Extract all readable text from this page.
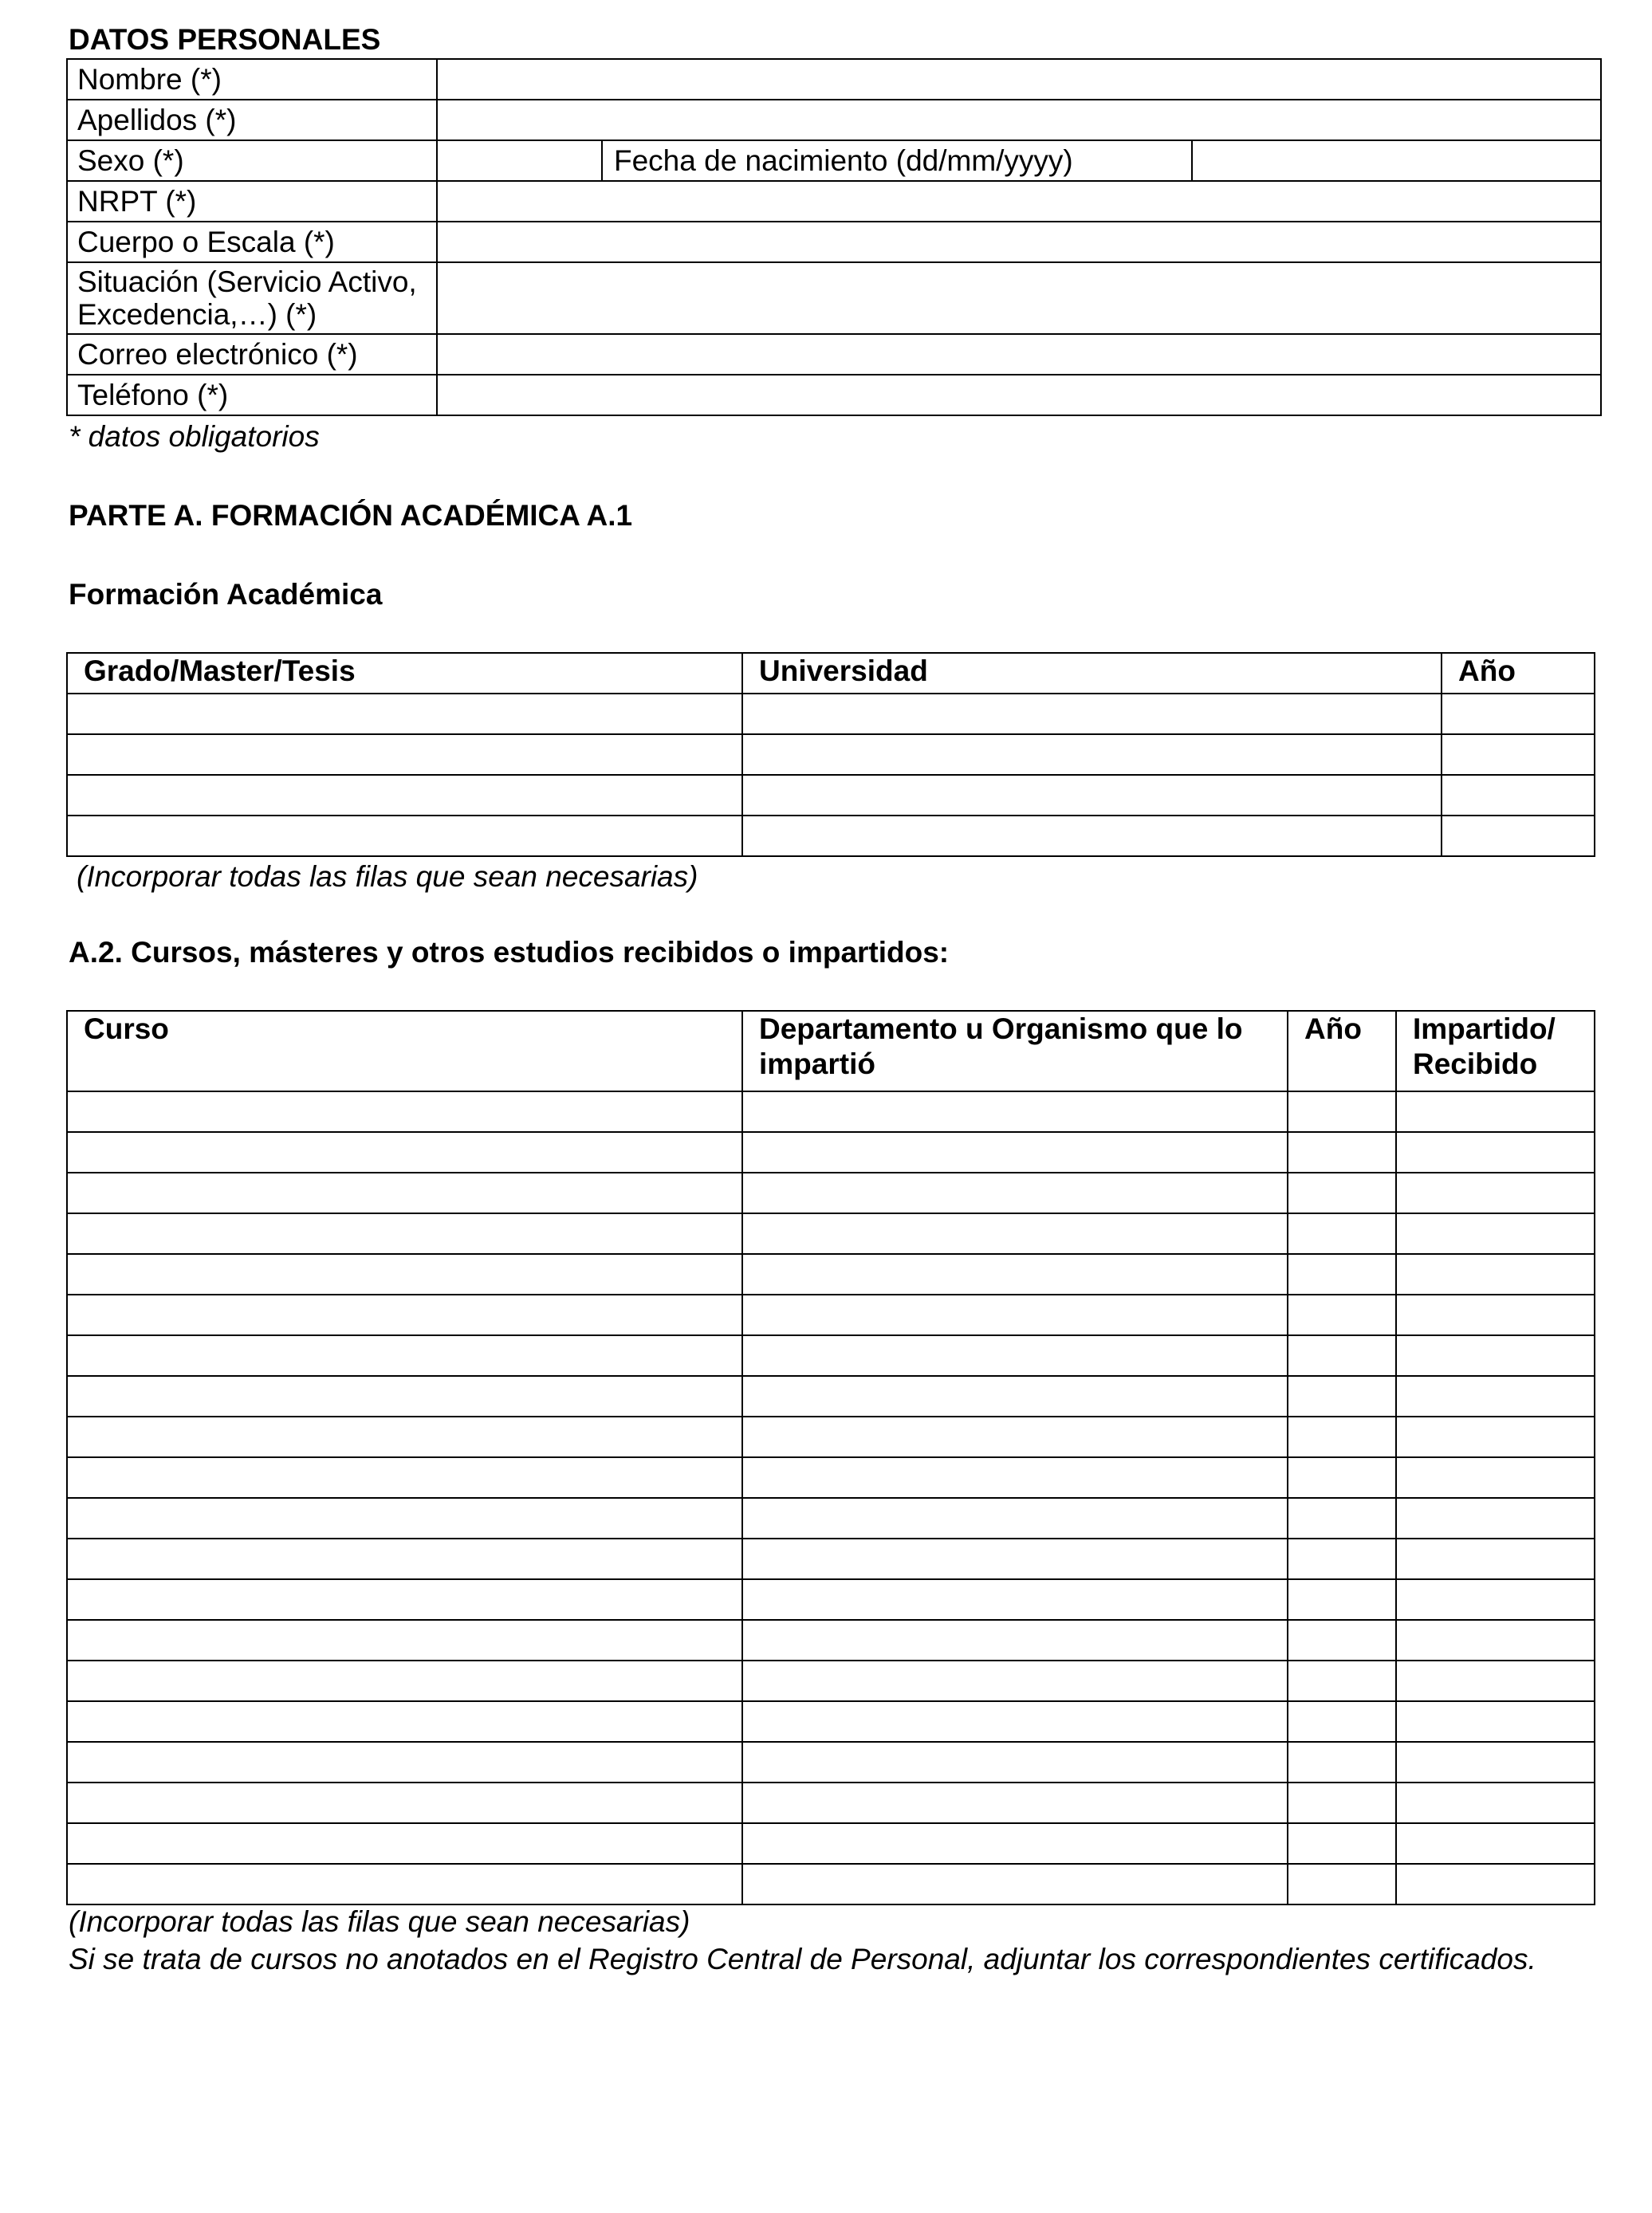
DATOS PERSONALES
Nombre (*)			
Apellidos (*)			
Sexo (*)		Fecha de nacimiento (dd/mm/yyyy)	
NRPT (*)			
Cuerpo o Escala (*)			
Situación (Servicio Activo, Excedencia,…) (*)			
Correo electrónico (*)			
Teléfono (*)			
* datos obligatorios
PARTE A. FORMACIÓN ACADÉMICA A.1
Formación Académica
Grado/Master/Tesis	Universidad	Año

(Incorporar todas las filas que sean necesarias)
A.2. Cursos, másteres y otros estudios recibidos o impartidos:
Curso	Departamento u Organismo que lo impartió	Año	Impartido/ Recibido

(Incorporar todas las filas que sean necesarias)
Si se trata de cursos no anotados en el Registro Central de Personal, adjuntar los correspondientes certificados.
